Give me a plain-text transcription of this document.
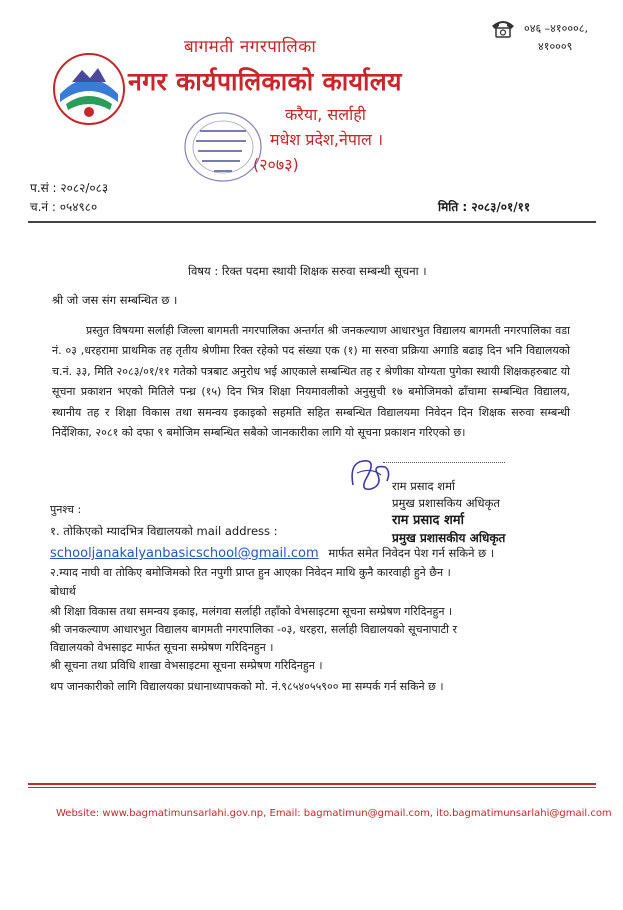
बागमती नगरपालिका
नगर कार्यपालिकाको कार्यालय
करैया, सर्लाही
मधेश प्रदेश,नेपाल ।
(२०७३)
०४६ –४१०००८,
४१०००९
प.सं : २०८२/०८३
च.नं : ०५४९८०	मिति : २०८३/०१/११
विषय : रिक्त पदमा स्थायी शिक्षक सरुवा सम्बन्धी सूचना ।
श्री जो जस संग सम्बन्धित छ ।
प्रस्तुत विषयमा सर्लाही जिल्ला बागमती नगरपालिका अन्तर्गत श्री जनकल्याण आधारभुत विद्यालय बागमती नगरपालिका वडा नं. ०३ ,धरहरामा प्राथमिक तह तृतीय श्रेणीमा रिक्त रहेको पद संख्या एक (१) मा सरुवा प्रक्रिया अगाडि बढाइ दिन भनि विद्यालयको च.नं. ३३, मिति २०८३/०१/११ गतेको पत्रबाट अनुरोध भई आएकाले सम्बन्धित तह र श्रेणीका योग्यता पुगेका स्थायी शिक्षकहरुबाट यो सूचना प्रकाशन भएको मितिले पन्ध्र (१५) दिन भित्र शिक्षा नियमावलीको अनुसुची १७ बमोजिमको ढाँचामा सम्बन्धित विद्यालय, स्थानीय तह र शिक्षा विकास तथा समन्वय इकाइको सहमति सहित सम्बन्धित विद्यालयमा निवेदन दिन शिक्षक सरुवा सम्बन्धी निर्देशिका, २०८१ को दफा ९ बमोजिम सम्बन्धित सबैको जानकारीका लागि यो सूचना प्रकाशन गरिएको छ।
राम प्रसाद शर्मा
प्रमुख प्रशासकिय अधिकृत
राम प्रसाद शर्मा
प्रमुख प्रशासकीय अधिकृत
पुनश्च :
१. तोकिएको म्यादभित्र विद्यालयको mail address :
schooljanakalyanbasicschool@gmail.com मार्फत समेत निवेदन पेश गर्न सकिने छ ।
२.म्याद नाघी वा तोकिए बमोजिमको रित नपुगी प्राप्त हुन आएका निवेदन माथि कुनै कारवाही हुने छैन ।
बोधार्थ
श्री शिक्षा विकास तथा समन्वय इकाइ, मलंगवा सर्लाही तहाँको वेभसाइटमा सूचना सम्प्रेषण गरिदिनहुन ।
श्री जनकल्याण आधारभुत विद्यालय बागमती नगरपालिका -०३, धरहरा, सर्लाही विद्यालयको सूचनापाटी र
विद्यालयको वेभसाइट मार्फत सूचना सम्प्रेषण गरिदिनहुन ।
श्री सूचना तथा प्रविधि शाखा वेभसाइटमा सूचना सम्प्रेषण गरिदिनहुन ।
थप जानकारीको लागि विद्यालयका प्रधानाध्यापकको मो. नं.९८५४०५५९०० मा सम्पर्क गर्न सकिने छ ।
Website: www.bagmatimunsarlahi.gov.np, Email: bagmatimun@gmail.com, ito.bagmatimunsarlahi@gmail.com
